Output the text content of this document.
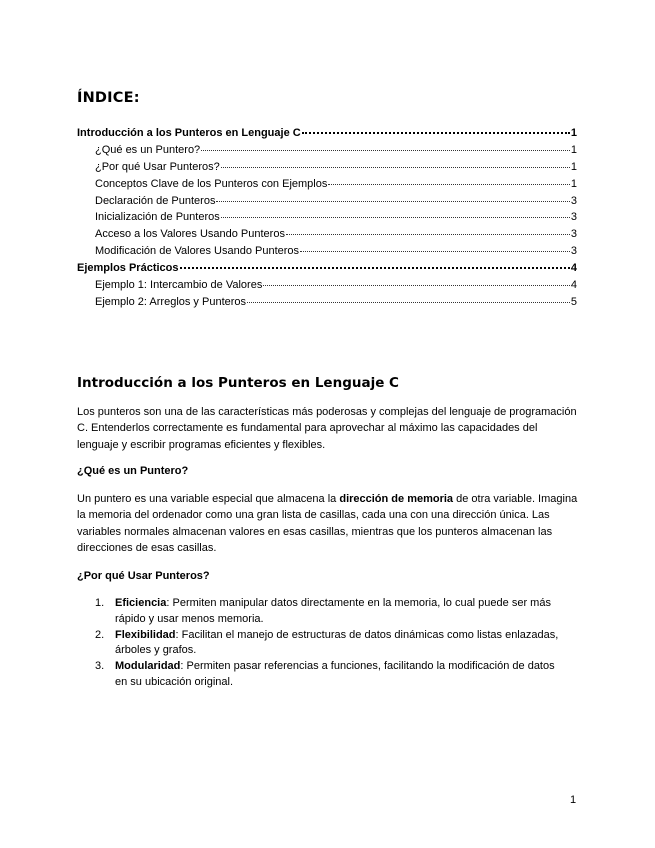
ÍNDICE:
Introducción a los Punteros en Lenguaje C	1
¿Qué es un Puntero?	1
¿Por qué Usar Punteros?	1
Conceptos Clave de los Punteros con Ejemplos	1
Declaración de Punteros	3
Inicialización de Punteros	3
Acceso a los Valores Usando Punteros	3
Modificación de Valores Usando Punteros	3
Ejemplos Prácticos	4
Ejemplo 1: Intercambio de Valores	4
Ejemplo 2: Arreglos y Punteros	5
Introducción a los Punteros en Lenguaje C
Los punteros son una de las características más poderosas y complejas del lenguaje de programación C. Entenderlos correctamente es fundamental para aprovechar al máximo las capacidades del lenguaje y escribir programas eficientes y flexibles.
¿Qué es un Puntero?
Un puntero es una variable especial que almacena la dirección de memoria de otra variable. Imagina la memoria del ordenador como una gran lista de casillas, cada una con una dirección única. Las variables normales almacenan valores en esas casillas, mientras que los punteros almacenan las direcciones de esas casillas.
¿Por qué Usar Punteros?
1. Eficiencia: Permiten manipular datos directamente en la memoria, lo cual puede ser más rápido y usar menos memoria.
2. Flexibilidad: Facilitan el manejo de estructuras de datos dinámicas como listas enlazadas, árboles y grafos.
3. Modularidad: Permiten pasar referencias a funciones, facilitando la modificación de datos en su ubicación original.
1
